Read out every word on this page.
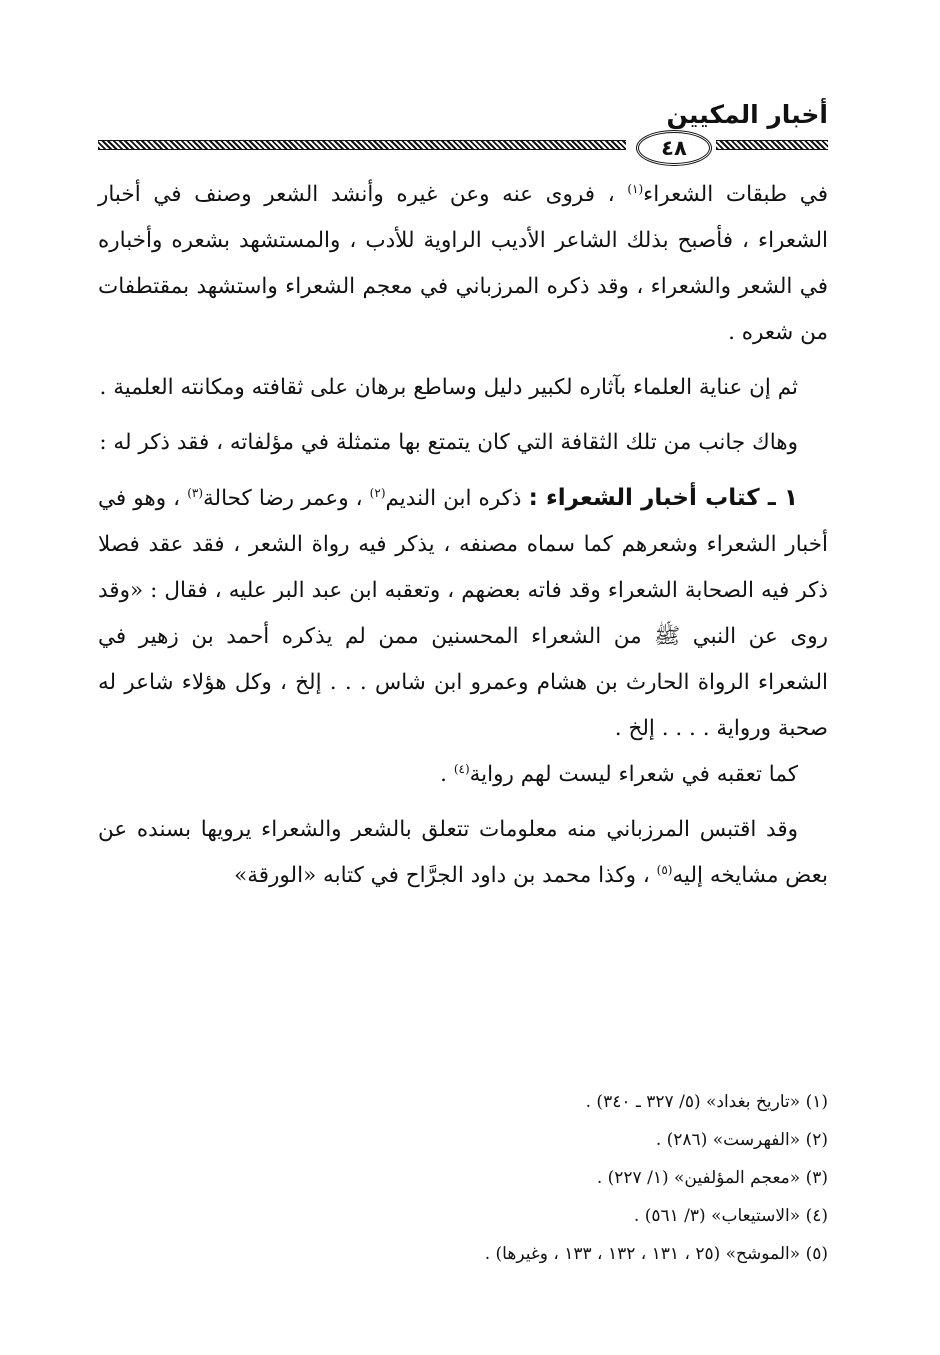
أخبار المكيين
٤٨

في طبقات الشعراء$^{(١)}$ ، فروى عنه وعن غيره وأنشد الشعر وصنف في أخبار الشعراء ، فأصبح بذلك الشاعر الأديب الراوية للأدب ، والمستشهد بشعره وأخباره في الشعر والشعراء ، وقد ذكره المرزباني في معجم الشعراء واستشهد بمقتطفات من شعره .

ثم إن عناية العلماء بآثاره لكبير دليل وساطع برهان على ثقافته ومكانته العلمية .

وهاك جانب من تلك الثقافة التي كان يتمتع بها متمثلة في مؤلفاته ، فقد ذكر له :

١ ـ كتاب أخبار الشعراء : ذكره ابن النديم$^{(٢)}$ ، وعمر رضا كحالة$^{(٣)}$ ، وهو في أخبار الشعراء وشعرهم كما سماه مصنفه ، يذكر فيه رواة الشعر ، فقد عقد فصلا ذكر فيه الصحابة الشعراء وقد فاته بعضهم ، وتعقبه ابن عبد البر عليه ، فقال : «وقد روى عن النبي ﷺ من الشعراء المحسنين ممن لم يذكره أحمد بن زهير في الشعراء الرواة الحارث بن هشام وعمرو ابن شاس . . . إلخ ، وكل هؤلاء شاعر له صحبة ورواية . . . . إلخ .

كما تعقبه في شعراء ليست لهم رواية$^{(٤)}$ .

وقد اقتبس المرزباني منه معلومات تتعلق بالشعر والشعراء يرويها بسنده عن بعض مشايخه إليه$^{(٥)}$ ، وكذا محمد بن داود الجرَّاح في كتابه «الورقة»

(١) «تاريخ بغداد» (٥/ ٣٢٧ ـ ٣٤٠) .

(٢) «الفهرست» (٢٨٦) .

(٣) «معجم المؤلفين» (١/ ٢٢٧) .

(٤) «الاستيعاب» (٣/ ٥٦١) .

(٥) «الموشح» (٢٥ ، ١٣١ ، ١٣٢ ، ١٣٣ ، وغيرها) .
